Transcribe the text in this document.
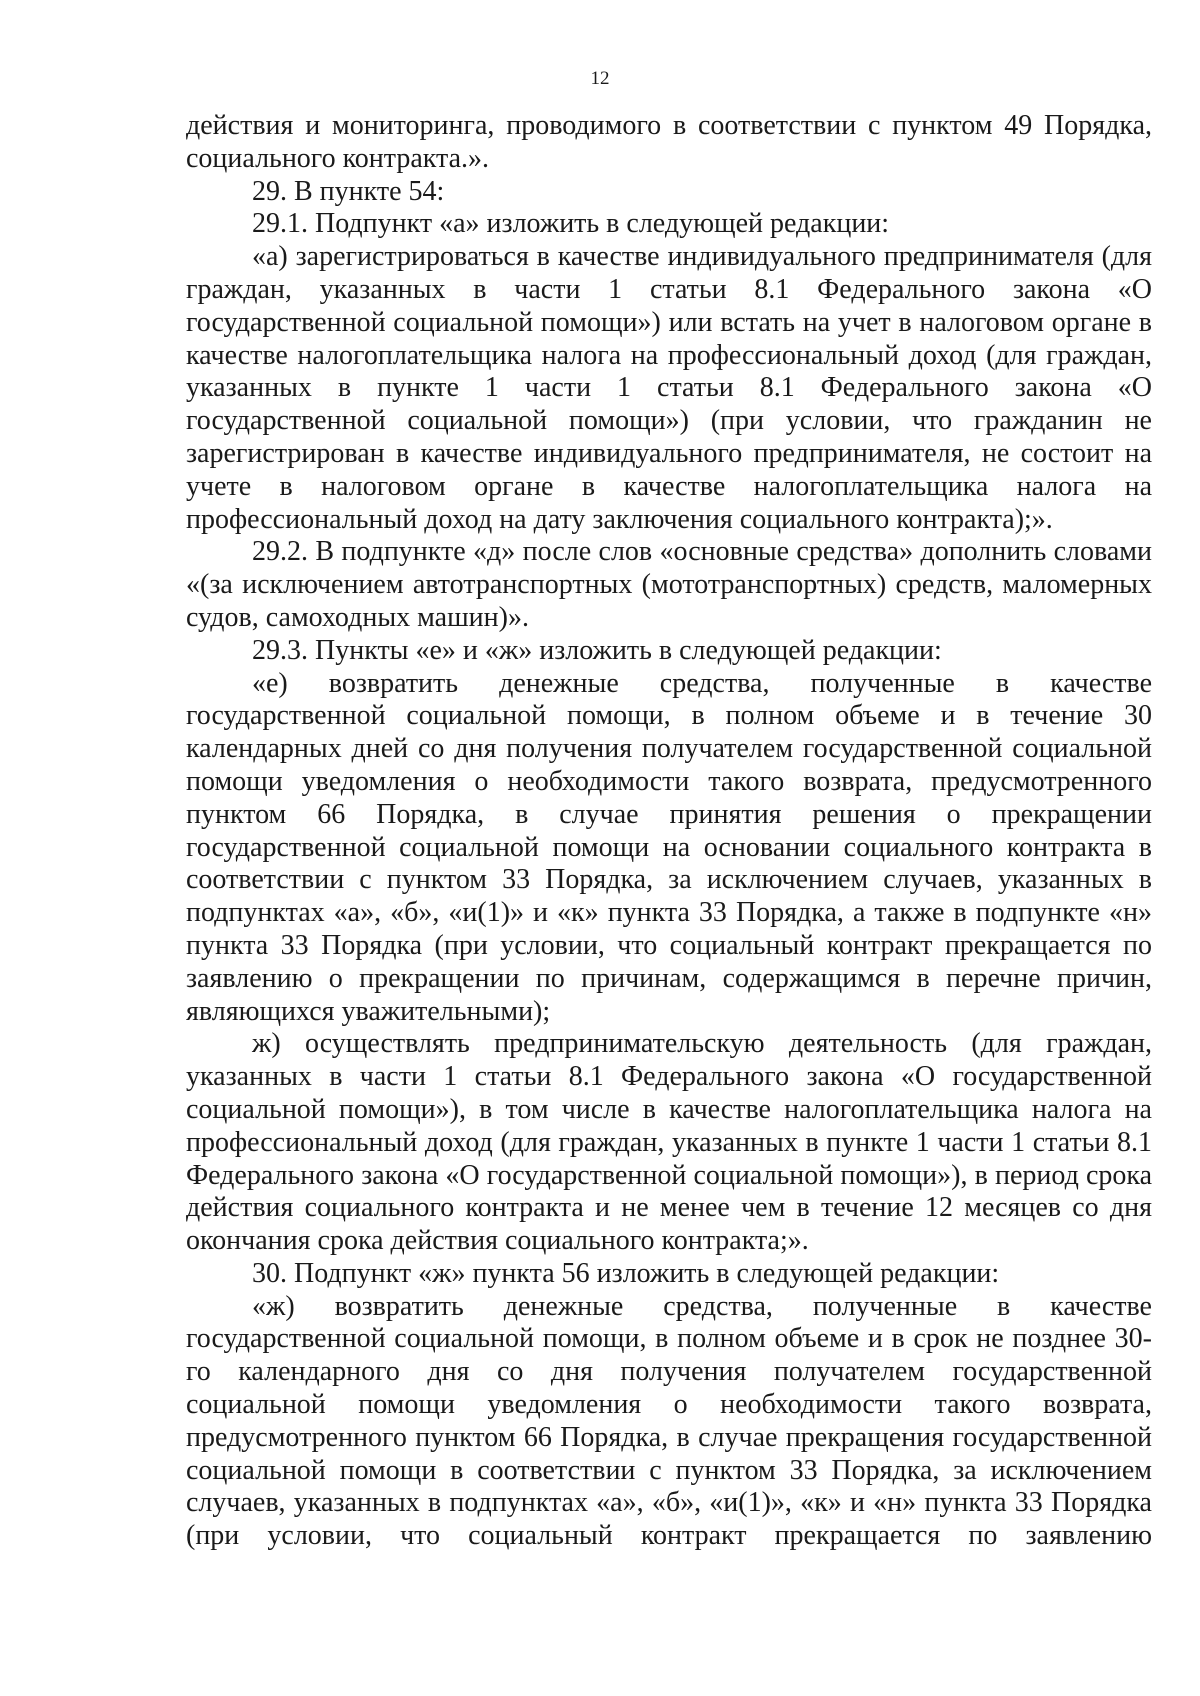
12

действия и мониторинга, проводимого в соответствии с пунктом 49 Порядка, социального контракта.».

29. В пункте 54:

29.1. Подпункт «а» изложить в следующей редакции:

«а) зарегистрироваться в качестве индивидуального предпринимателя (для граждан, указанных в части 1 статьи 8.1 Федерального закона «О государственной социальной помощи») или встать на учет в налоговом органе в качестве налогоплательщика налога на профессиональный доход (для граждан, указанных в пункте 1 части 1 статьи 8.1 Федерального закона «О государственной социальной помощи») (при условии, что гражданин не зарегистрирован в качестве индивидуального предпринимателя, не состоит на учете в налоговом органе в качестве налогоплательщика налога на профессиональный доход на дату заключения социального контракта);».

29.2. В подпункте «д» после слов «основные средства» дополнить словами «(за исключением автотранспортных (мототранспортных) средств, маломерных судов, самоходных машин)».

29.3. Пункты «е» и «ж» изложить в следующей редакции:

«е) возвратить денежные средства, полученные в качестве государственной социальной помощи, в полном объеме и в течение 30 календарных дней со дня получения получателем государственной социальной помощи уведомления о необходимости такого возврата, предусмотренного пунктом 66 Порядка, в случае принятия решения о прекращении государственной социальной помощи на основании социального контракта в соответствии с пунктом 33 Порядка, за исключением случаев, указанных в подпунктах «а», «б», «и(1)» и «к» пункта 33 Порядка, а также в подпункте «н» пункта 33 Порядка (при условии, что социальный контракт прекращается по заявлению о прекращении по причинам, содержащимся в перечне причин, являющихся уважительными);

ж) осуществлять предпринимательскую деятельность (для граждан, указанных в части 1 статьи 8.1 Федерального закона «О государственной социальной помощи»), в том числе в качестве налогоплательщика налога на профессиональный доход (для граждан, указанных в пункте 1 части 1 статьи 8.1 Федерального закона «О государственной социальной помощи»), в период срока действия социального контракта и не менее чем в течение 12 месяцев со дня окончания срока действия социального контракта;».

30. Подпункт «ж» пункта 56 изложить в следующей редакции:

«ж) возвратить денежные средства, полученные в качестве государственной социальной помощи, в полном объеме и в срок не позднее 30-го календарного дня со дня получения получателем государственной социальной помощи уведомления о необходимости такого возврата, предусмотренного пунктом 66 Порядка, в случае прекращения государственной социальной помощи в соответствии с пунктом 33 Порядка, за исключением случаев, указанных в подпунктах «а», «б», «и(1)», «к» и «н» пункта 33 Порядка (при условии, что социальный контракт прекращается по заявлению
